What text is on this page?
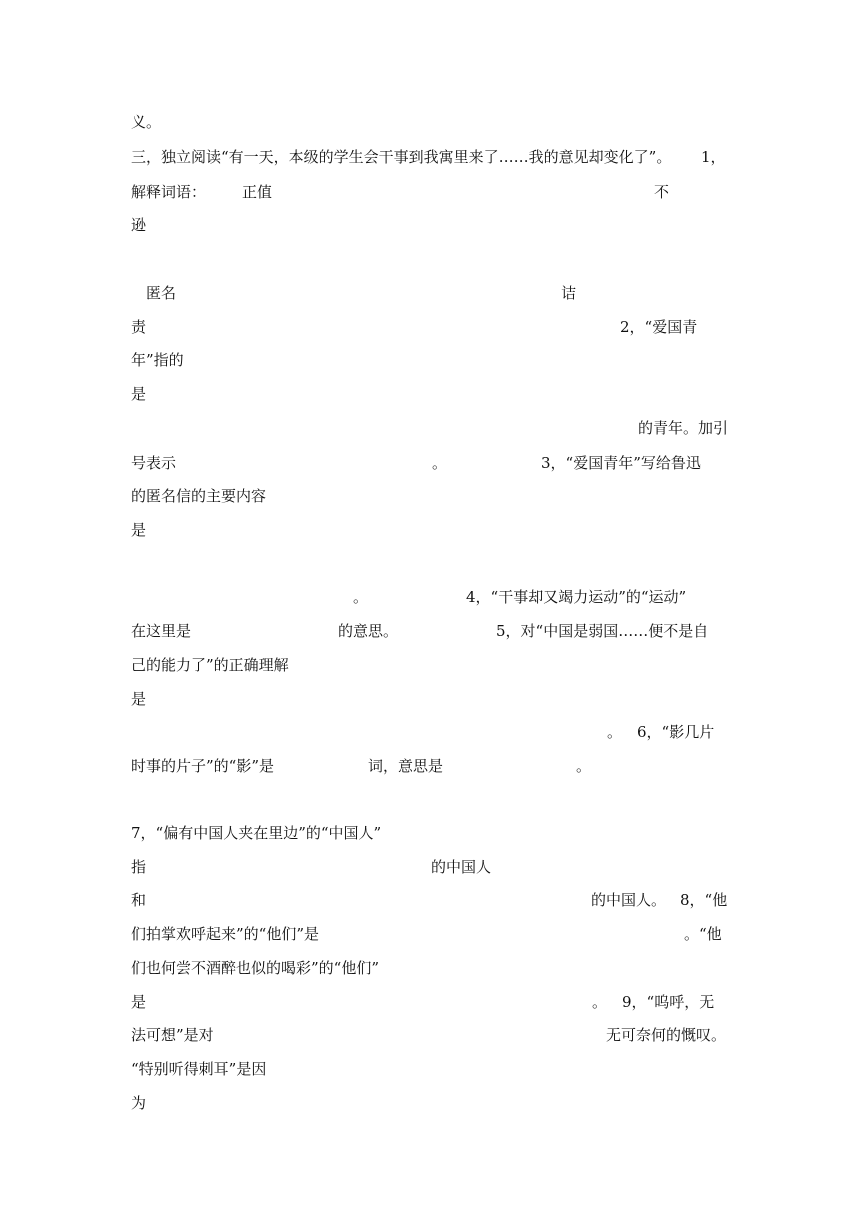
义。
三，独立阅读“有一天，本级的学生会干事到我寓里来了……我的意见却变化了”。 1，
解释词语： 正值	不
逊
匿名	诘
责	2，“爱国青
年”指的
是
的青年。加引
号表示	。	3，“爱国青年”写给鲁迅
的匿名信的主要内容
是
。	4，“干事却又竭力运动”的“运动”
在这里是	的意思。	5，对“中国是弱国……便不是自
己的能力了”的正确理解
是
。 6，“影几片
时事的片子”的“影”是	词，意思是	。
7，“偏有中国人夹在里边”的“中国人”
指	的中国人
和	的中国人。 8，“他
们拍掌欢呼起来”的“他们”是	。“他
们也何尝不酒醉也似的喝彩”的“他们”
是	。 9，“呜呼，无
法可想”是对	无可奈何的慨叹。
“特别听得刺耳”是因
为
